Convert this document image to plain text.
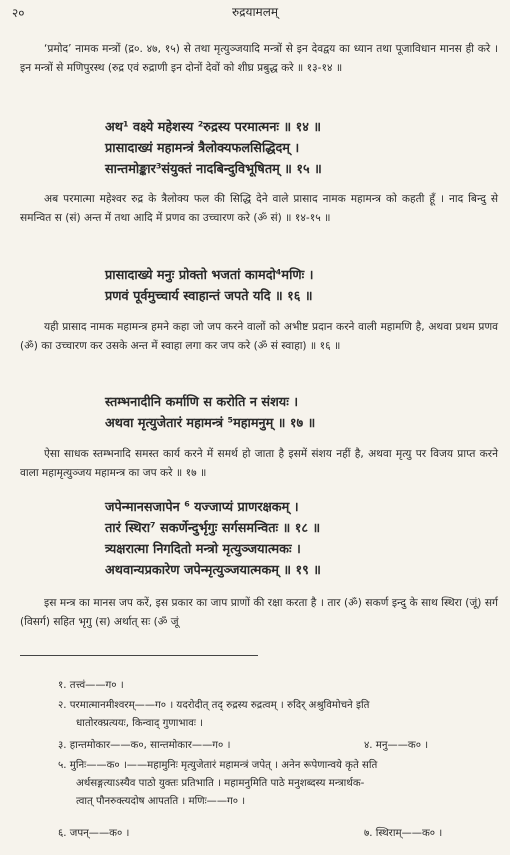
२०	रुद्रयामलम्
‘प्रमोद’ नामक मन्त्रों (द्र०. ४७, १५) से तथा मृत्युञ्जयादि मन्त्रों से इन देवद्वय का ध्यान तथा पूजाविधान मानस ही करे । इन मन्त्रों से मणिपुरस्थ (रुद्र एवं रुद्राणी इन दोनों देवों को शीघ्र प्रबुद्ध करे ॥ १३-१४ ॥
अथ¹ वक्ष्ये महेशस्य ²रुद्रस्य परमात्मनः ॥ १४ ॥
प्रासादाख्यं महामन्त्रं त्रैलोक्यफलसिद्धिदम् ।
सान्तमोङ्कार³संयुक्तं नादबिन्दुविभूषितम् ॥ १५ ॥
अब परमात्मा महेश्वर रुद्र के त्रैलोक्य फल की सिद्धि देने वाले प्रासाद नामक महामन्त्र को कहती हूँ । नाद बिन्दु से समन्वित स (सं) अन्त में तथा आदि में प्रणव का उच्चारण करे (ॐ सं) ॥ १४-१५ ॥
प्रासादाख्ये मनुः प्रोक्तो भजतां कामदो⁴मणिः ।
प्रणवं पूर्वमुच्चार्य स्वाहान्तं जपते यदि ॥ १६ ॥
यही प्रासाद नामक महामन्त्र हमने कहा जो जप करने वालों को अभीष्ट प्रदान करने वाली महामणि है, अथवा प्रथम प्रणव (ॐ) का उच्चारण कर उसके अन्त में स्वाहा लगा कर जप करे (ॐ सं स्वाहा) ॥ १६ ॥
स्तम्भनादीनि कर्माणि स करोति न संशयः ।
अथवा मृत्युजेतारं महामन्त्रं ⁵महामनुम् ॥ १७ ॥
ऐसा साधक स्तम्भनादि समस्त कार्य करने में समर्थ हो जाता है इसमें संशय नहीं है, अथवा मृत्यु पर विजय प्राप्त करने वाला महामृत्युञ्जय महामन्त्र का जप करे ॥ १७ ॥
जपेन्मानसजापेन ⁶ यज्जाप्यं प्राणरक्षकम् ।
तारं स्थिरा⁷ सकर्णेन्दुर्भृगुः सर्गसमन्वितः ॥ १८ ॥
त्र्यक्षरात्मा निगदितो मन्त्रो मृत्युञ्जयात्मकः ।
अथवान्यप्रकारेण जपेन्मृत्युञ्जयात्मकम् ॥ १९ ॥
इस मन्त्र का मानस जप करें, इस प्रकार का जाप प्राणों की रक्षा करता है । तार (ॐ) सकर्ण इन्दु के साथ स्थिरा (जूं) सर्ग (विसर्ग) सहित भृगु (स) अर्थात् सः (ॐ जूं
१. तत्त्वं——ग० ।
२. परमात्मानमीश्वरम्——ग० । यदरोदीत् तद् रुद्रस्य रुद्रत्वम् । रुदिर् अश्रुविमोचने इति
धातोरक्प्रत्ययः, किन्वाद् गुणाभावः ।
३. हान्तमोकार——क०, सान्तमोकार——ग० ।	४. मनु——क० ।
५. मुनिः——क० ।——महामुनिः मृत्युजेतारं महामन्त्रं जपेत् । अनेन रूपेणान्वये कृते सति
अर्थसङ्गत्याऽस्यैव पाठो युक्तः प्रतिभाति । महामनुमिति पाठे मनुशब्दस्य मन्त्रार्थक-
त्वात् पौनरुक्त्यदोष आपतति । मणिः——ग० ।
६. जपन्——क० ।	७. स्थिराम्——क० ।
